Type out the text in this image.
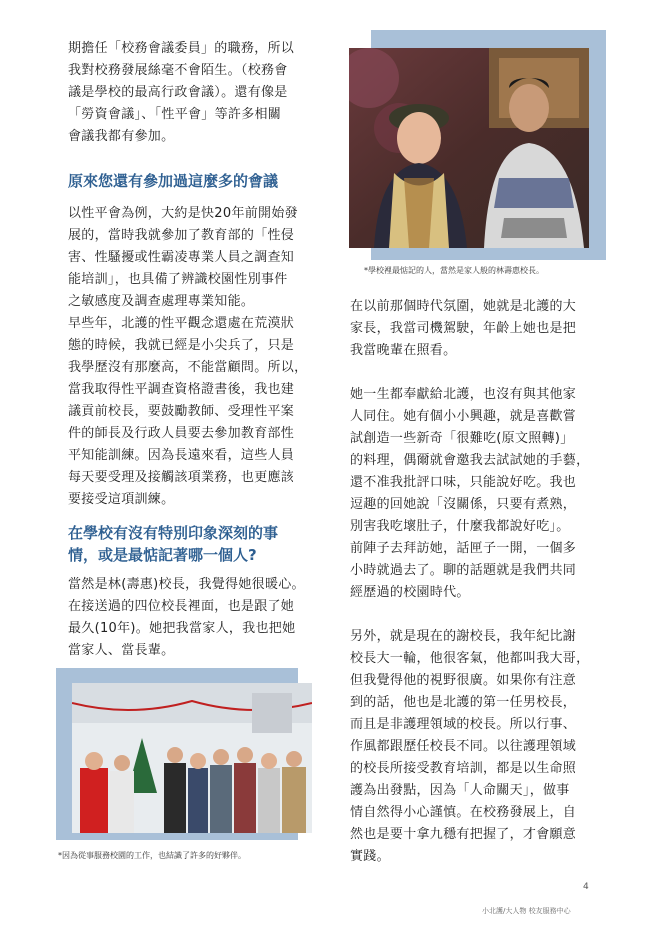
期擔任「校務會議委員」的職務，所以
我對校務發展絲毫不會陌生。（校務會
議是學校的最高行政會議）。還有像是
「勞資會議」、「性平會」等許多相關
會議我都有參加。

原來您還有參加過這麼多的會議

以性平會為例，大約是快20年前開始發
展的，當時我就參加了教育部的「性侵
害、性騷擾或性霸凌專業人員之調查知
能培訓」，也具備了辨識校園性別事件
之敏感度及調查處理專業知能。

早些年，北護的性平觀念還處在荒漠狀
態的時候，我就已經是小尖兵了，只是
我學歷沒有那麼高，不能當顧問。所以，
當我取得性平調查資格證書後，我也建
議貢前校長，要鼓勵教師、受理性平案
件的師長及行政人員要去參加教育部性
平知能訓練。因為長遠來看，這些人員
每天要受理及接觸該項業務，也更應該
要接受這項訓練。

在學校有沒有特別印象深刻的事
情，或是最惦記著哪一個人?

當然是林(壽惠)校長，我覺得她很暖心。
在接送過的四位校長裡面，也是跟了她
最久(10年)。她把我當家人，我也把她
當家人、當長輩。

*學校裡最惦記的人，當然是家人般的林壽惠校長。

在以前那個時代氛圍，她就是北護的大
家長，我當司機駕駛，年齡上她也是把
我當晚輩在照看。

她一生都奉獻給北護，也沒有與其他家
人同住。她有個小小興趣，就是喜歡嘗
試創造一些新奇「很難吃(原文照轉)」
的料理，偶爾就會邀我去試試她的手藝，
還不准我批評口味，只能說好吃。我也
逗趣的回她說「沒關係，只要有煮熟，
別害我吃壞肚子，什麼我都說好吃」。
前陣子去拜訪她，話匣子一開，一個多
小時就過去了。聊的話題就是我們共同
經歷過的校園時代。

另外，就是現在的謝校長，我年紀比謝
校長大一輪，他很客氣，他都叫我大哥，
但我覺得他的視野很廣。如果你有注意
到的話，他也是北護的第一任男校長，
而且是非護理領域的校長。所以行事、
作風都跟歷任校長不同。以往護理領域
的校長所接受教育培訓，都是以生命照
護為出發點，因為「人命關天」，做事
情自然得小心謹慎。在校務發展上，自
然也是要十拿九穩有把握了，才會願意
實踐。

*因為從事服務校園的工作，也結識了許多的好夥伴。
4
小北護/大人物 校友服務中心
